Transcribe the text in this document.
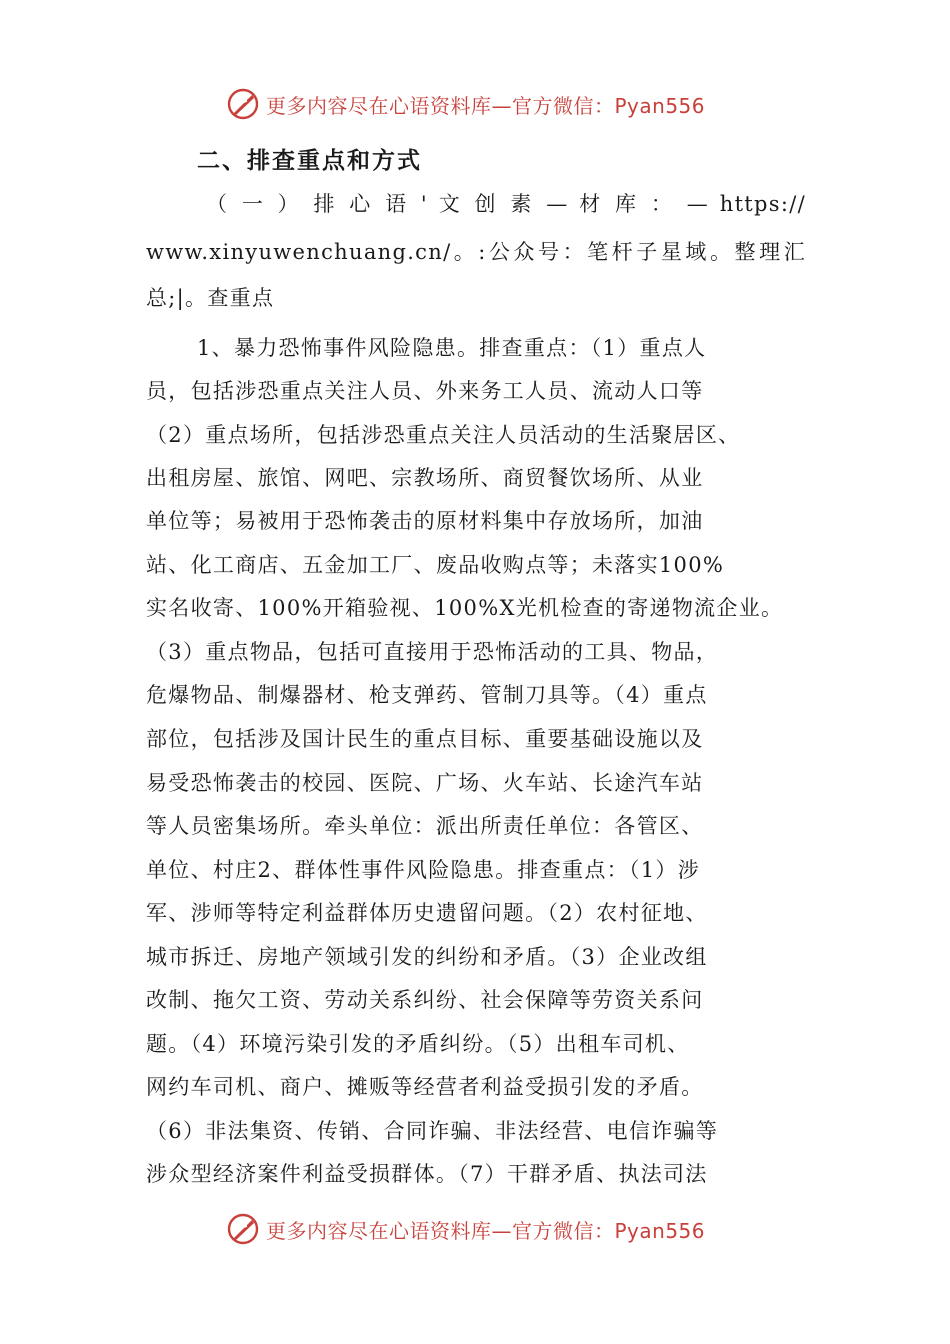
更多内容尽在心语资料库—官方微信：Pyan556
二、排查重点和方式
（ 一 ） 排 心 语 ' 文 创 素 — 材 库 ： — https://
www.xinyuwenchuang.cn/。:公众号：笔杆子星域。整理汇
总;|。查重点
1、暴力恐怖事件风险隐患。排查重点：（1）重点人
员，包括涉恐重点关注人员、外来务工人员、流动人口等
（2）重点场所，包括涉恐重点关注人员活动的生活聚居区、
出租房屋、旅馆、网吧、宗教场所、商贸餐饮场所、从业
单位等；易被用于恐怖袭击的原材料集中存放场所，加油
站、化工商店、五金加工厂、废品收购点等；未落实100%
实名收寄、100%开箱验视、100%X光机检查的寄递物流企业。
（3）重点物品，包括可直接用于恐怖活动的工具、物品，
危爆物品、制爆器材、枪支弹药、管制刀具等。（4）重点
部位，包括涉及国计民生的重点目标、重要基础设施以及
易受恐怖袭击的校园、医院、广场、火车站、长途汽车站
等人员密集场所。牵头单位：派出所责任单位：各管区、
单位、村庄2、群体性事件风险隐患。排查重点：（1）涉
军、涉师等特定利益群体历史遗留问题。（2）农村征地、
城市拆迁、房地产领域引发的纠纷和矛盾。（3）企业改组
改制、拖欠工资、劳动关系纠纷、社会保障等劳资关系问
题。（4）环境污染引发的矛盾纠纷。（5）出租车司机、
网约车司机、商户、摊贩等经营者利益受损引发的矛盾。
（6）非法集资、传销、合同诈骗、非法经营、电信诈骗等
涉众型经济案件利益受损群体。（7）干群矛盾、执法司法
更多内容尽在心语资料库—官方微信：Pyan556
